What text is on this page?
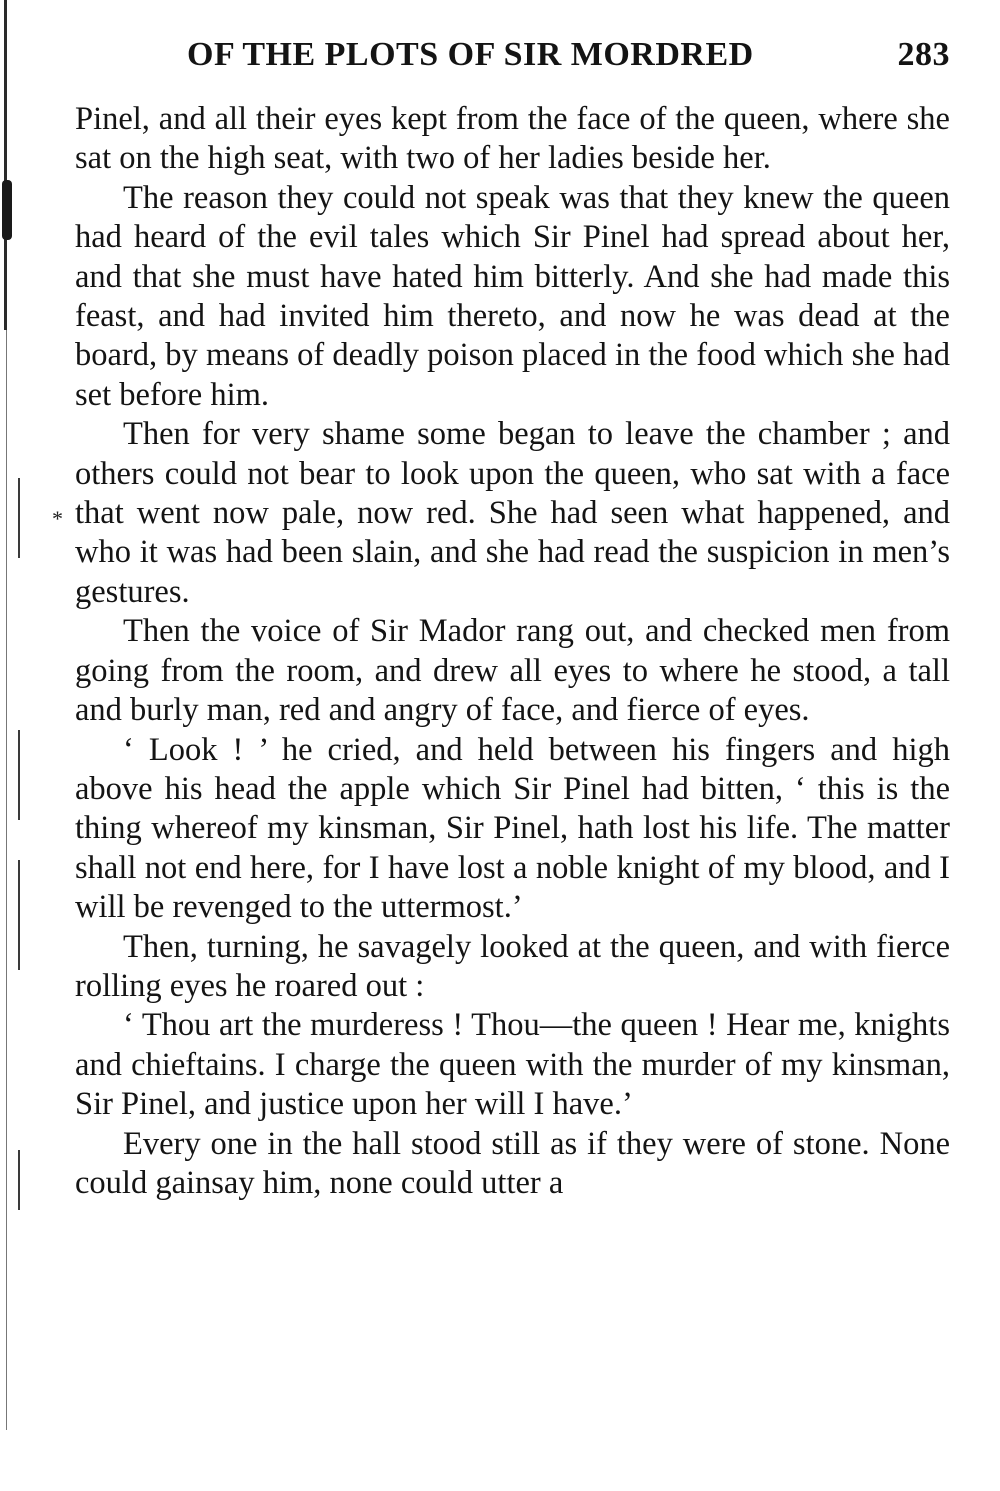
OF THE PLOTS OF SIR MORDRED	283
*

Pinel, and all their eyes kept from the face of the queen, where she sat on the high seat, with two of her ladies beside her.

The reason they could not speak was that they knew the queen had heard of the evil tales which Sir Pinel had spread about her, and that she must have hated him bitterly. And she had made this feast, and had invited him thereto, and now he was dead at the board, by means of deadly poison placed in the food which she had set before him.

Then for very shame some began to leave the chamber ; and others could not bear to look upon the queen, who sat with a face that went now pale, now red. She had seen what happened, and who it was had been slain, and she had read the suspicion in men’s gestures.

Then the voice of Sir Mador rang out, and checked men from going from the room, and drew all eyes to where he stood, a tall and burly man, red and angry of face, and fierce of eyes.

‘ Look ! ’ he cried, and held between his fingers and high above his head the apple which Sir Pinel had bitten, ‘ this is the thing whereof my kinsman, Sir Pinel, hath lost his life. The matter shall not end here, for I have lost a noble knight of my blood, and I will be revenged to the uttermost.’

Then, turning, he savagely looked at the queen, and with fierce rolling eyes he roared out :

‘ Thou art the murderess ! Thou—the queen ! Hear me, knights and chieftains. I charge the queen with the murder of my kinsman, Sir Pinel, and justice upon her will I have.’

Every one in the hall stood still as if they were of stone. None could gainsay him, none could utter a
